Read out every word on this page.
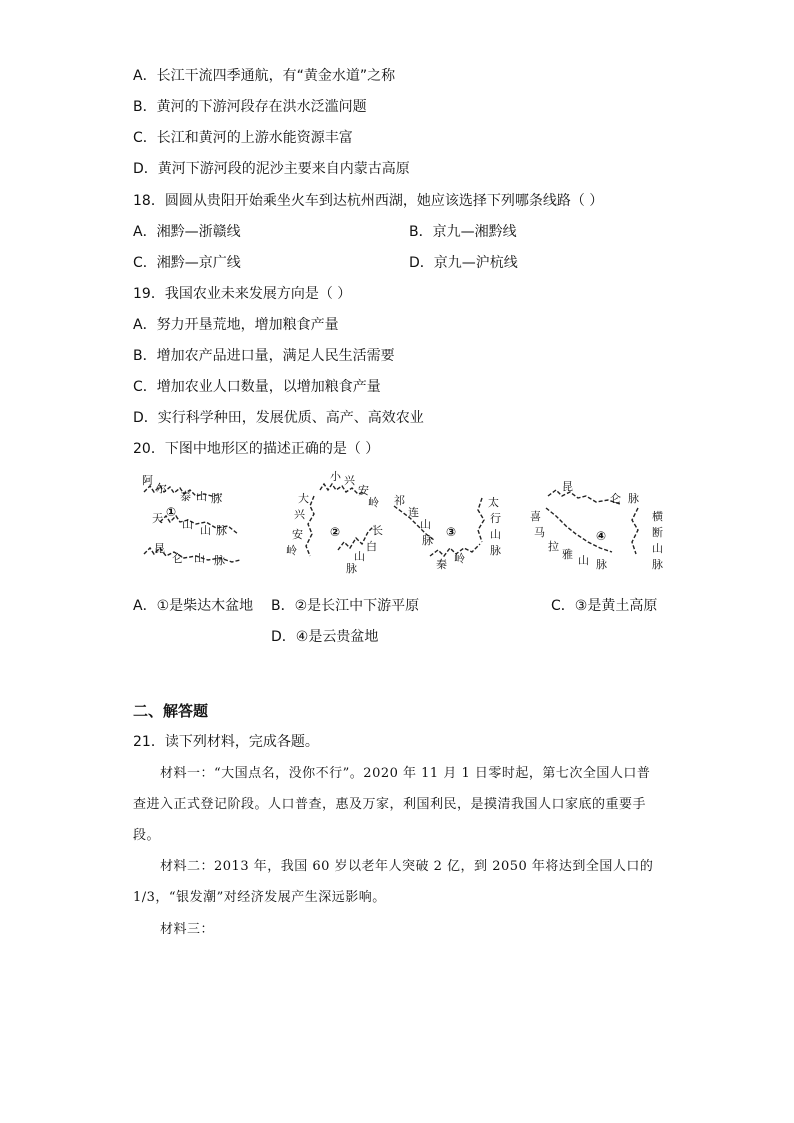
A．长江干流四季通航，有“黄金水道”之称
B．黄河的下游河段存在洪水泛滥问题
C．长江和黄河的上游水能资源丰富
D．黄河下游河段的泥沙主要来自内蒙古高原
18．圆圆从贵阳开始乘坐火车到达杭州西湖，她应该选择下列哪条线路（ ）
A．湘黔—浙赣线	B．京九—湘黔线
C．湘黔—京广线	D．京九—沪杭线
19．我国农业未来发展方向是（ ）
A．努力开垦荒地，增加粮食产量
B．增加农产品进口量，满足人民生活需要
C．增加农业人口数量，以增加粮食产量
D．实行科学种田，发展优质、高产、高效农业
20．下图中地形区的描述正确的是（ ）
阿
尔
泰 山 脉
天 ①
山 山 脉
昆
仑 山 脉
小 兴
安
岭
大
兴
安
岭
②	长
白
山
脉
祁
连
山
脉
③
秦 岭
太
行
山
脉
昆
仑 脉
喜
马
拉
雅 山 脉
④
横
断
山
脉
A．①是柴达木盆地 B．②是长江中下游平原	C．③是黄土高原
D．④是云贵盆地
二、解答题
21．读下列材料，完成各题。
材料一：“大国点名，没你不行”。2020 年 11 月 1 日零时起，第七次全国人口普
查进入正式登记阶段。人口普查，惠及万家，利国利民，是摸清我国人口家底的重要手
段。
材料二：2013 年，我国 60 岁以老年人突破 2 亿，到 2050 年将达到全国人口的
1/3，“银发潮”对经济发展产生深远影响。
材料三：
